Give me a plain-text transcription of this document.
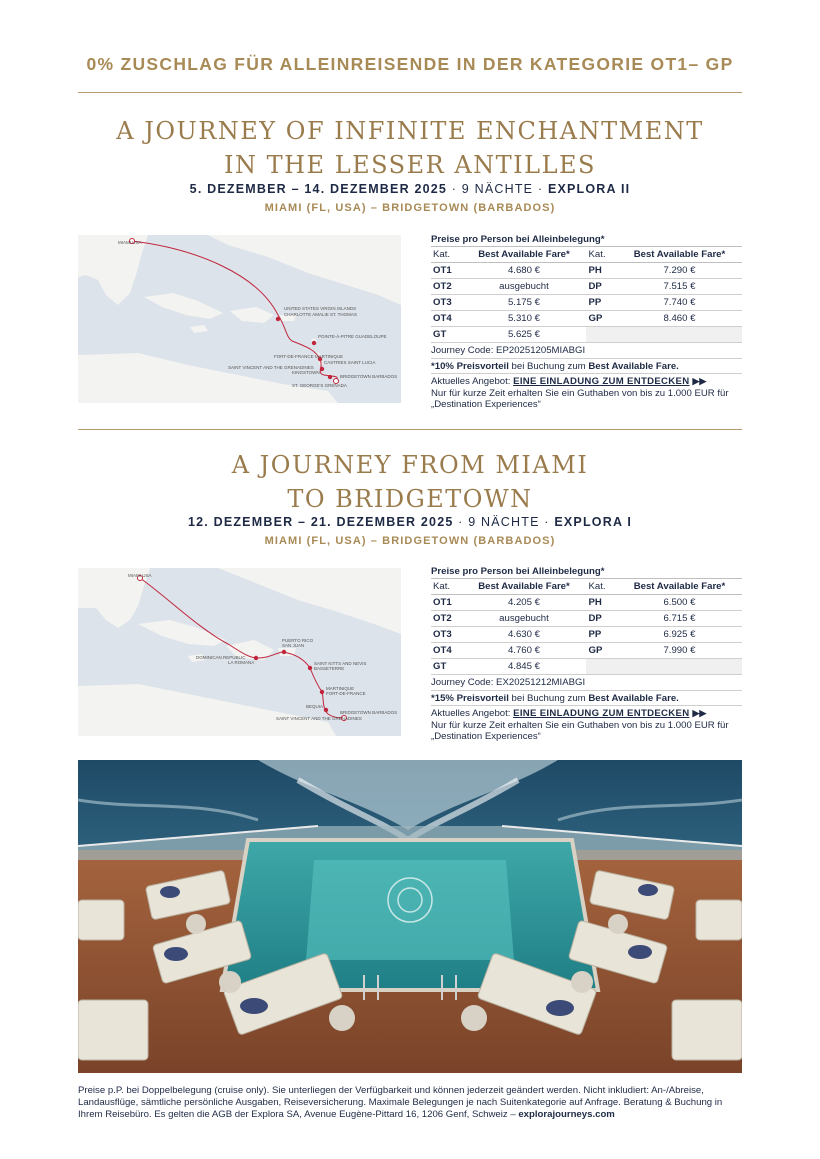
0% ZUSCHLAG FÜR ALLEINREISENDE IN DER KATEGORIE OT1– GP
A JOURNEY OF INFINITE ENCHANTMENT
IN THE LESSER ANTILLES
5. DEZEMBER – 14. DEZEMBER 2025 · 9 NÄCHTE · EXPLORA II
MIAMI (FL, USA) – BRIDGETOWN (BARBADOS)
MIAMI USA
UNITED STATES VIRGIN ISLANDS
CHARLOTTE AMALIE ST. THOMAS
POINTE-À-PITRE GUADELOUPE
FORT-DE-FRANCE MARTINIQUE
CASTRIES SAINT LUCIA
SAINT VINCENT AND THE GRENADINES
KINGSTOWN
BRIDGETOWN BARBADOS
ST. GEORGE'S GRENADA
Preise pro Person bei Alleinbelegung*
Kat.	Best Available Fare*	Kat.	Best Available Fare*
OT1	4.680 €	PH	7.290 €
OT2	ausgebucht	DP	7.515 €
OT3	5.175 €	PP	7.740 €
OT4	5.310 €	GP	8.460 €
GT	5.625 €		
Journey Code: EP20251205MIABGI
*10% Preisvorteil bei Buchung zum Best Available Fare.
Aktuelles Angebot: EINE EINLADUNG ZUM ENTDECKEN ▶▶
Nur für kurze Zeit erhalten Sie ein Guthaben von bis zu 1.000 EUR für „Destination Experiences“
A JOURNEY FROM MIAMI
TO BRIDGETOWN
12. DEZEMBER – 21. DEZEMBER 2025 · 9 NÄCHTE · EXPLORA I
MIAMI (FL, USA) – BRIDGETOWN (BARBADOS)
MIAMI USA
DOMINICAN REPUBLIC
LA ROMANA
PUERTO RICO
SAN JUAN
SAINT KITTS AND NEVIS
BASSETERRE
MARTINIQUE
FORT-DE-FRANCE
SAINT VINCENT AND THE GRENADINES
BEQUIA
BRIDGETOWN BARBADOS
Preise pro Person bei Alleinbelegung*
Kat.	Best Available Fare*	Kat.	Best Available Fare*
OT1	4.205 €	PH	6.500 €
OT2	ausgebucht	DP	6.715 €
OT3	4.630 €	PP	6.925 €
OT4	4.760 €	GP	7.990 €
GT	4.845 €		
Journey Code: EX20251212MIABGI
*15% Preisvorteil bei Buchung zum Best Available Fare.
Aktuelles Angebot: EINE EINLADUNG ZUM ENTDECKEN ▶▶
Nur für kurze Zeit erhalten Sie ein Guthaben von bis zu 1.000 EUR für „Destination Experiences“
Preise p.P. bei Doppelbelegung (cruise only). Sie unterliegen der Verfügbarkeit und können jederzeit geändert werden. Nicht inkludiert: An-/Abreise, Landausflüge, sämtliche persönliche Ausgaben, Reiseversicherung. Maximale Belegungen je nach Suitenkategorie auf Anfrage. Beratung & Buchung in Ihrem Reisebüro. Es gelten die AGB der Explora SA, Avenue Eugène-Pittard 16, 1206 Genf, Schweiz – explorajourneys.com
